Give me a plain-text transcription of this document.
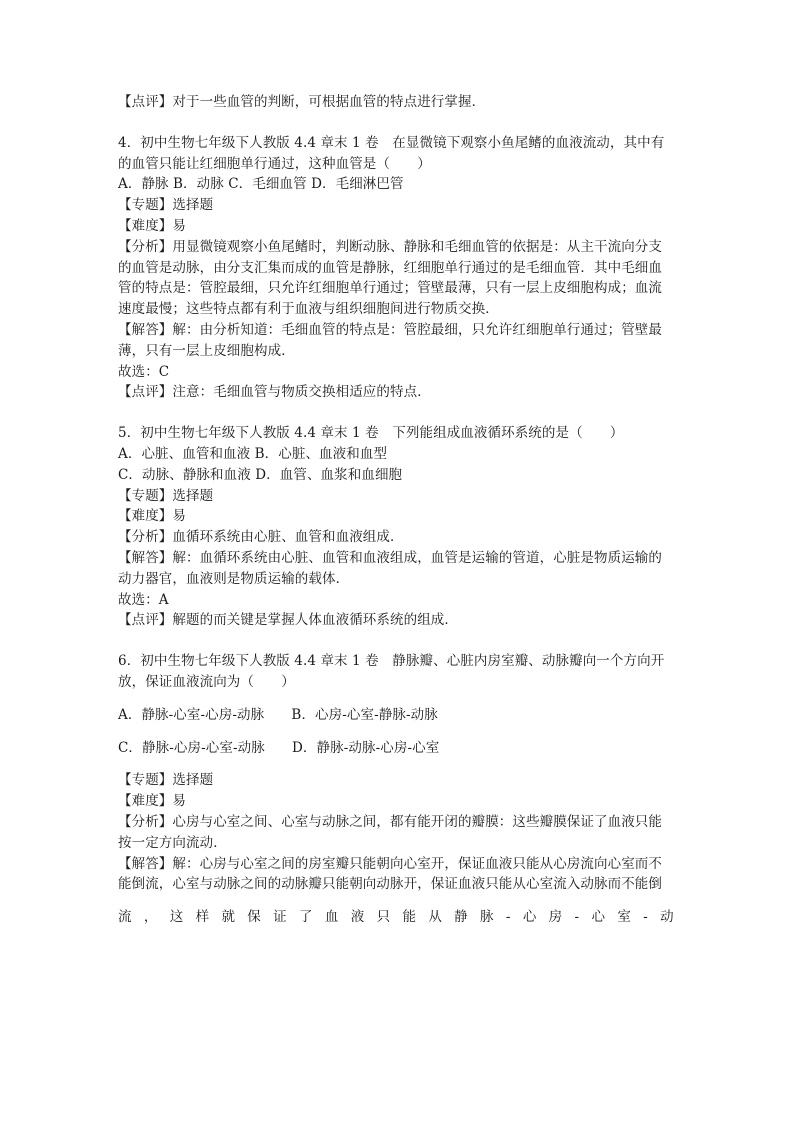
【点评】对于一些血管的判断，可根据血管的特点进行掌握．
4．初中生物七年级下人教版 4.4 章末 1 卷　在显微镜下观察小鱼尾鳍的血液流动，其中有
的血管只能让红细胞单行通过，这种血管是（　　）
A．静脉 B．动脉 C．毛细血管 D．毛细淋巴管
【专题】选择题
【难度】易
【分析】用显微镜观察小鱼尾鳍时，判断动脉、静脉和毛细血管的依据是：从主干流向分支
的血管是动脉，由分支汇集而成的血管是静脉，红细胞单行通过的是毛细血管．其中毛细血
管的特点是：管腔最细，只允许红细胞单行通过；管壁最薄，只有一层上皮细胞构成；血流
速度最慢；这些特点都有利于血液与组织细胞间进行物质交换．
【解答】解：由分析知道：毛细血管的特点是：管腔最细，只允许红细胞单行通过；管壁最
薄，只有一层上皮细胞构成．
故选：C
【点评】注意：毛细血管与物质交换相适应的特点．
5．初中生物七年级下人教版 4.4 章末 1 卷　下列能组成血液循环系统的是（　　）
A．心脏、血管和血液 B．心脏、血液和血型
C．动脉、静脉和血液 D．血管、血浆和血细胞
【专题】选择题
【难度】易
【分析】血循环系统由心脏、血管和血液组成．
【解答】解：血循环系统由心脏、血管和血液组成，血管是运输的管道，心脏是物质运输的
动力器官，血液则是物质运输的载体．
故选：A
【点评】解题的而关键是掌握人体血液循环系统的组成．
6．初中生物七年级下人教版 4.4 章末 1 卷　静脉瓣、心脏内房室瓣、动脉瓣向一个方向开
放，保证血液流向为（　　）
A．静脉-心室-心房-动脉　　B．心房-心室-静脉-动脉
C．静脉-心房-心室-动脉　　D．静脉-动脉-心房-心室
【专题】选择题
【难度】易
【分析】心房与心室之间、心室与动脉之间，都有能开闭的瓣膜：这些瓣膜保证了血液只能
按一定方向流动．
【解答】解：心房与心室之间的房室瓣只能朝向心室开，保证血液只能从心房流向心室而不
能倒流，心室与动脉之间的动脉瓣只能朝向动脉开，保证血液只能从心室流入动脉而不能倒
流 ， 这 样 就 保 证 了 血 液 只 能 从 静 脉 - 心 房 - 心 室 - 动
